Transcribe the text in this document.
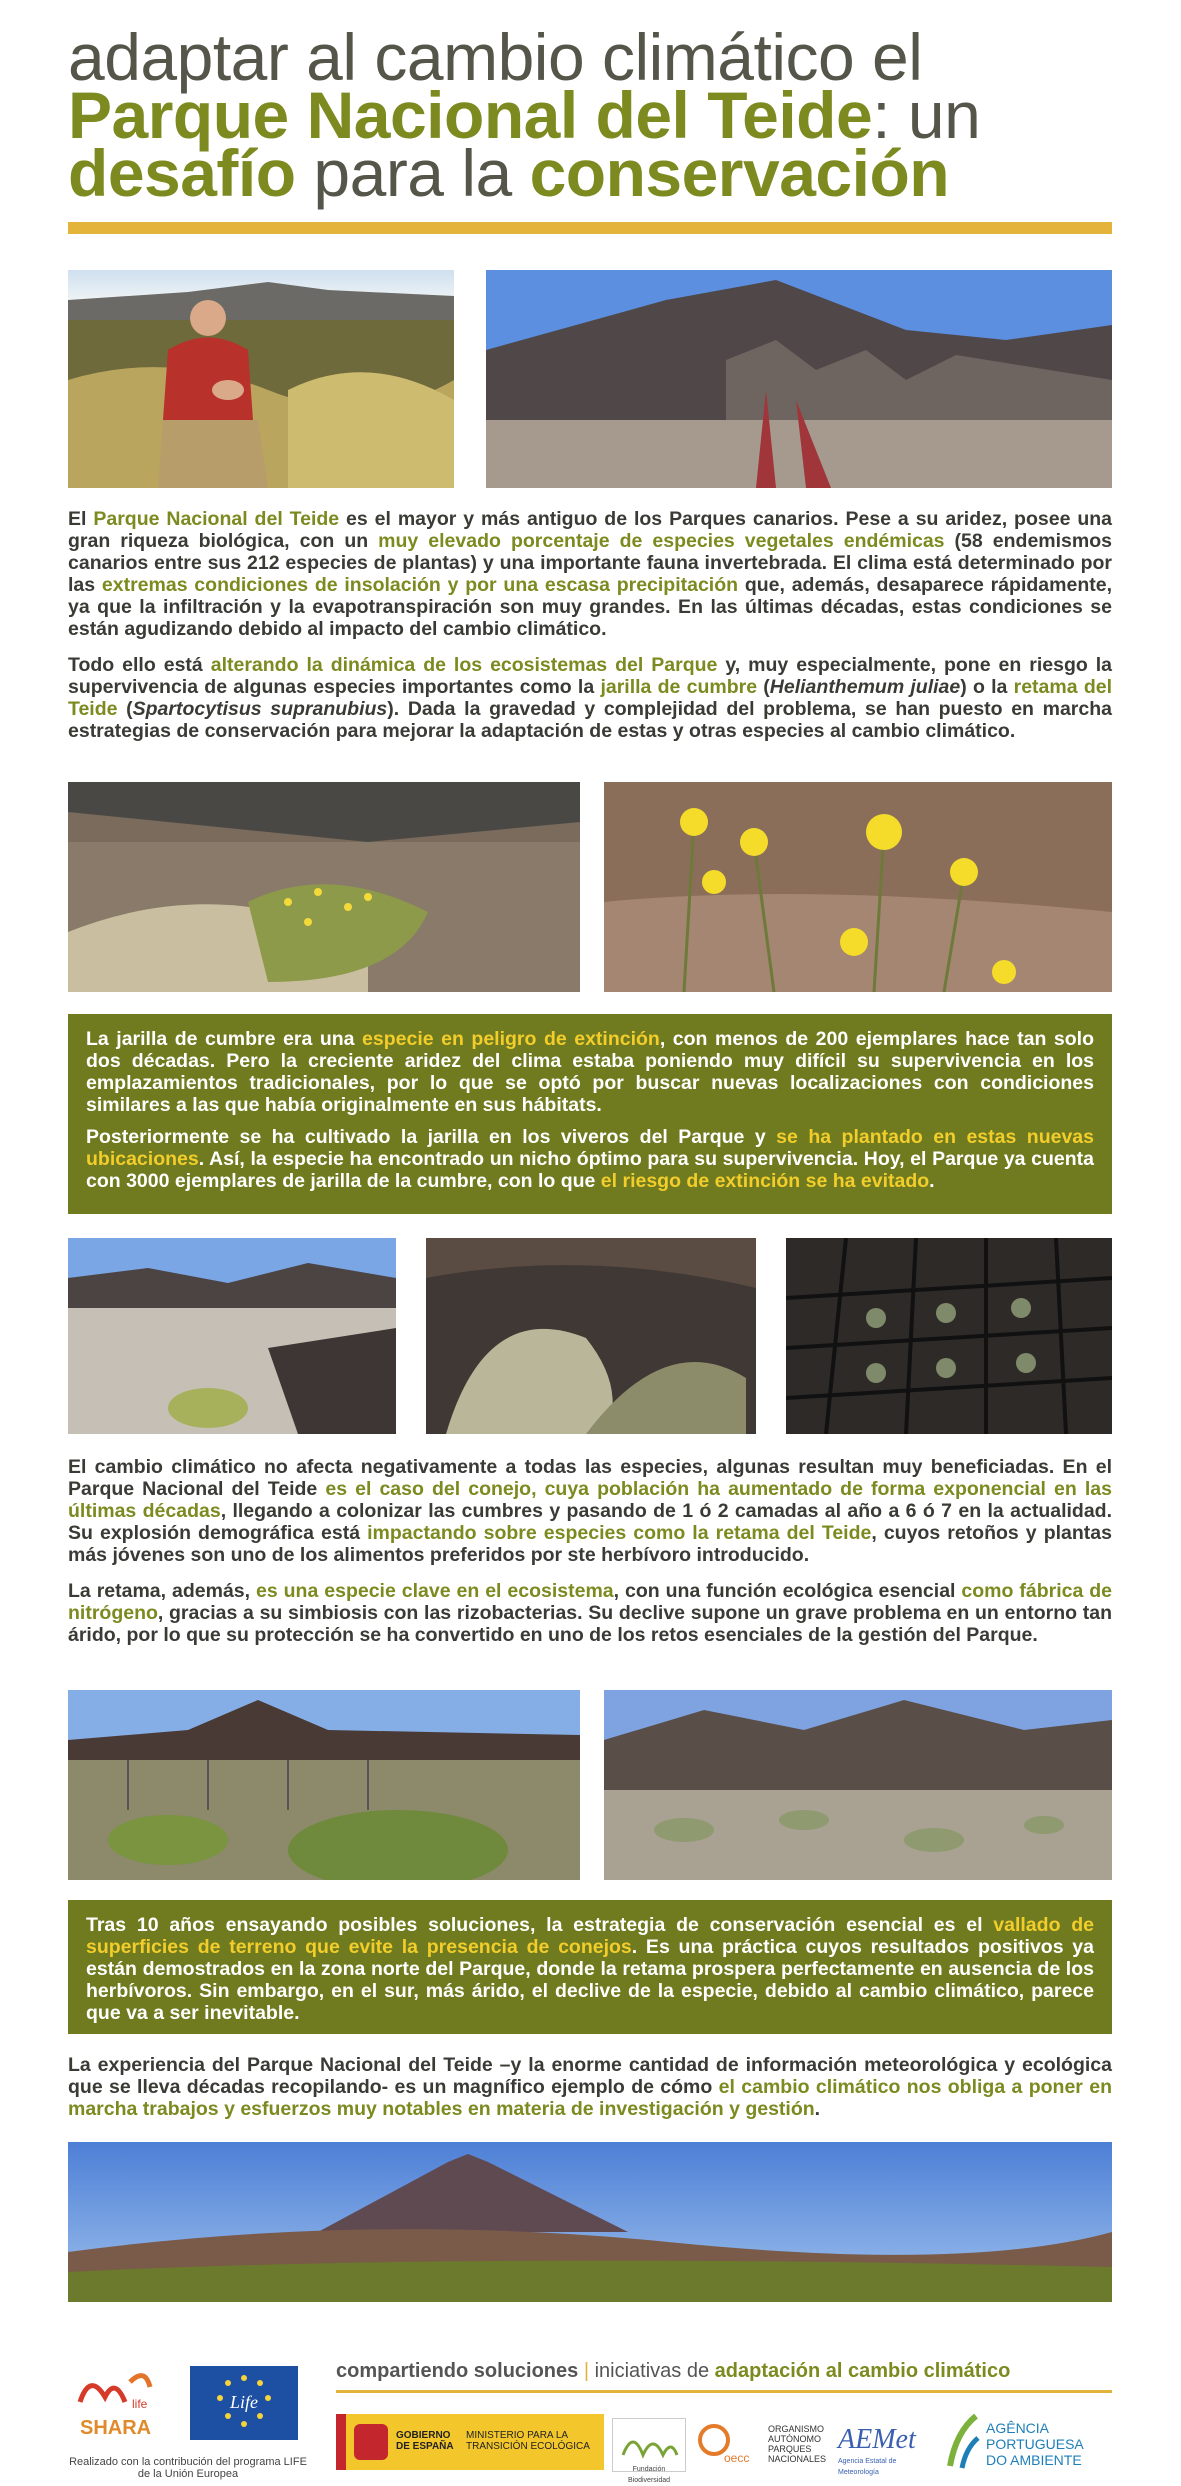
adaptar al cambio climático el
Parque Nacional del Teide: un
desafío para la conservación

El Parque Nacional del Teide es el mayor y más antiguo de los Parques canarios. Pese a su aridez, posee una gran riqueza biológica, con un muy elevado porcentaje de especies vegetales endémicas (58 endemismos canarios entre sus 212 especies de plantas) y una importante fauna invertebrada. El clima está determinado por las extremas condiciones de insolación y por una escasa precipitación que, además, desaparece rápidamente, ya que la infiltración y la evapotranspiración son muy grandes. En las últimas décadas, estas condiciones se están agudizando debido al impacto del cambio climático.

Todo ello está alterando la dinámica de los ecosistemas del Parque y, muy especialmente, pone en riesgo la supervivencia de algunas especies importantes como la jarilla de cumbre (Helianthemum juliae) o la retama del Teide (Spartocytisus supranubius). Dada la gravedad y complejidad del problema, se han puesto en marcha estrategias de conservación para mejorar la adaptación de estas y otras especies al cambio climático.

La jarilla de cumbre era una especie en peligro de extinción, con menos de 200 ejemplares hace tan solo dos décadas. Pero la creciente aridez del clima estaba poniendo muy difícil su supervivencia en los emplazamientos tradicionales, por lo que se optó por buscar nuevas localizaciones con condiciones similares a las que había originalmente en sus hábitats.

Posteriormente se ha cultivado la jarilla en los viveros del Parque y se ha plantado en estas nuevas ubicaciones. Así, la especie ha encontrado un nicho óptimo para su supervivencia. Hoy, el Parque ya cuenta con 3000 ejemplares de jarilla de la cumbre, con lo que el riesgo de extinción se ha evitado.

El cambio climático no afecta negativamente a todas las especies, algunas resultan muy beneficiadas. En el Parque Nacional del Teide es el caso del conejo, cuya población ha aumentado de forma exponencial en las últimas décadas, llegando a colonizar las cumbres y pasando de 1 ó 2 camadas al año a 6 ó 7 en la actualidad. Su explosión demográfica está impactando sobre especies como la retama del Teide, cuyos retoños y plantas más jóvenes son uno de los alimentos preferidos por ste herbívoro introducido.

La retama, además, es una especie clave en el ecosistema, con una función ecológica esencial como fábrica de nitrógeno, gracias a su simbiosis con las rizobacterias. Su declive supone un grave problema en un entorno tan árido, por lo que su protección se ha convertido en uno de los retos esenciales de la gestión del Parque.

Tras 10 años ensayando posibles soluciones, la estrategia de conservación esencial es el vallado de superficies de terreno que evite la presencia de conejos. Es una práctica cuyos resultados positivos ya están demostrados en la zona norte del Parque, donde la retama prospera perfectamente en ausencia de los herbívoros. Sin embargo, en el sur, más árido, el declive de la especie, debido al cambio climático, parece que va a ser inevitable.

La experiencia del Parque Nacional del Teide –y la enorme cantidad de información meteorológica y ecológica que se lleva décadas recopilando- es un magnífico ejemplo de cómo el cambio climático nos obliga a poner en marcha trabajos y esfuerzos muy notables en materia de investigación y gestión.

life
SHARA
Life
Realizado con la contribución del programa LIFE de la Unión Europea
compartiendo soluciones | iniciativas de adaptación al cambio climático
GOBIERNO DE ESPAÑA
MINISTERIO PARA LA TRANSICIÓN ECOLÓGICA
Fundación Biodiversidad
oecc
ORGANISMO AUTÓNOMO PARQUES NACIONALES
AEMet
Agencia Estatal de Meteorología
AGÊNCIA
PORTUGUESA
DO AMBIENTE
